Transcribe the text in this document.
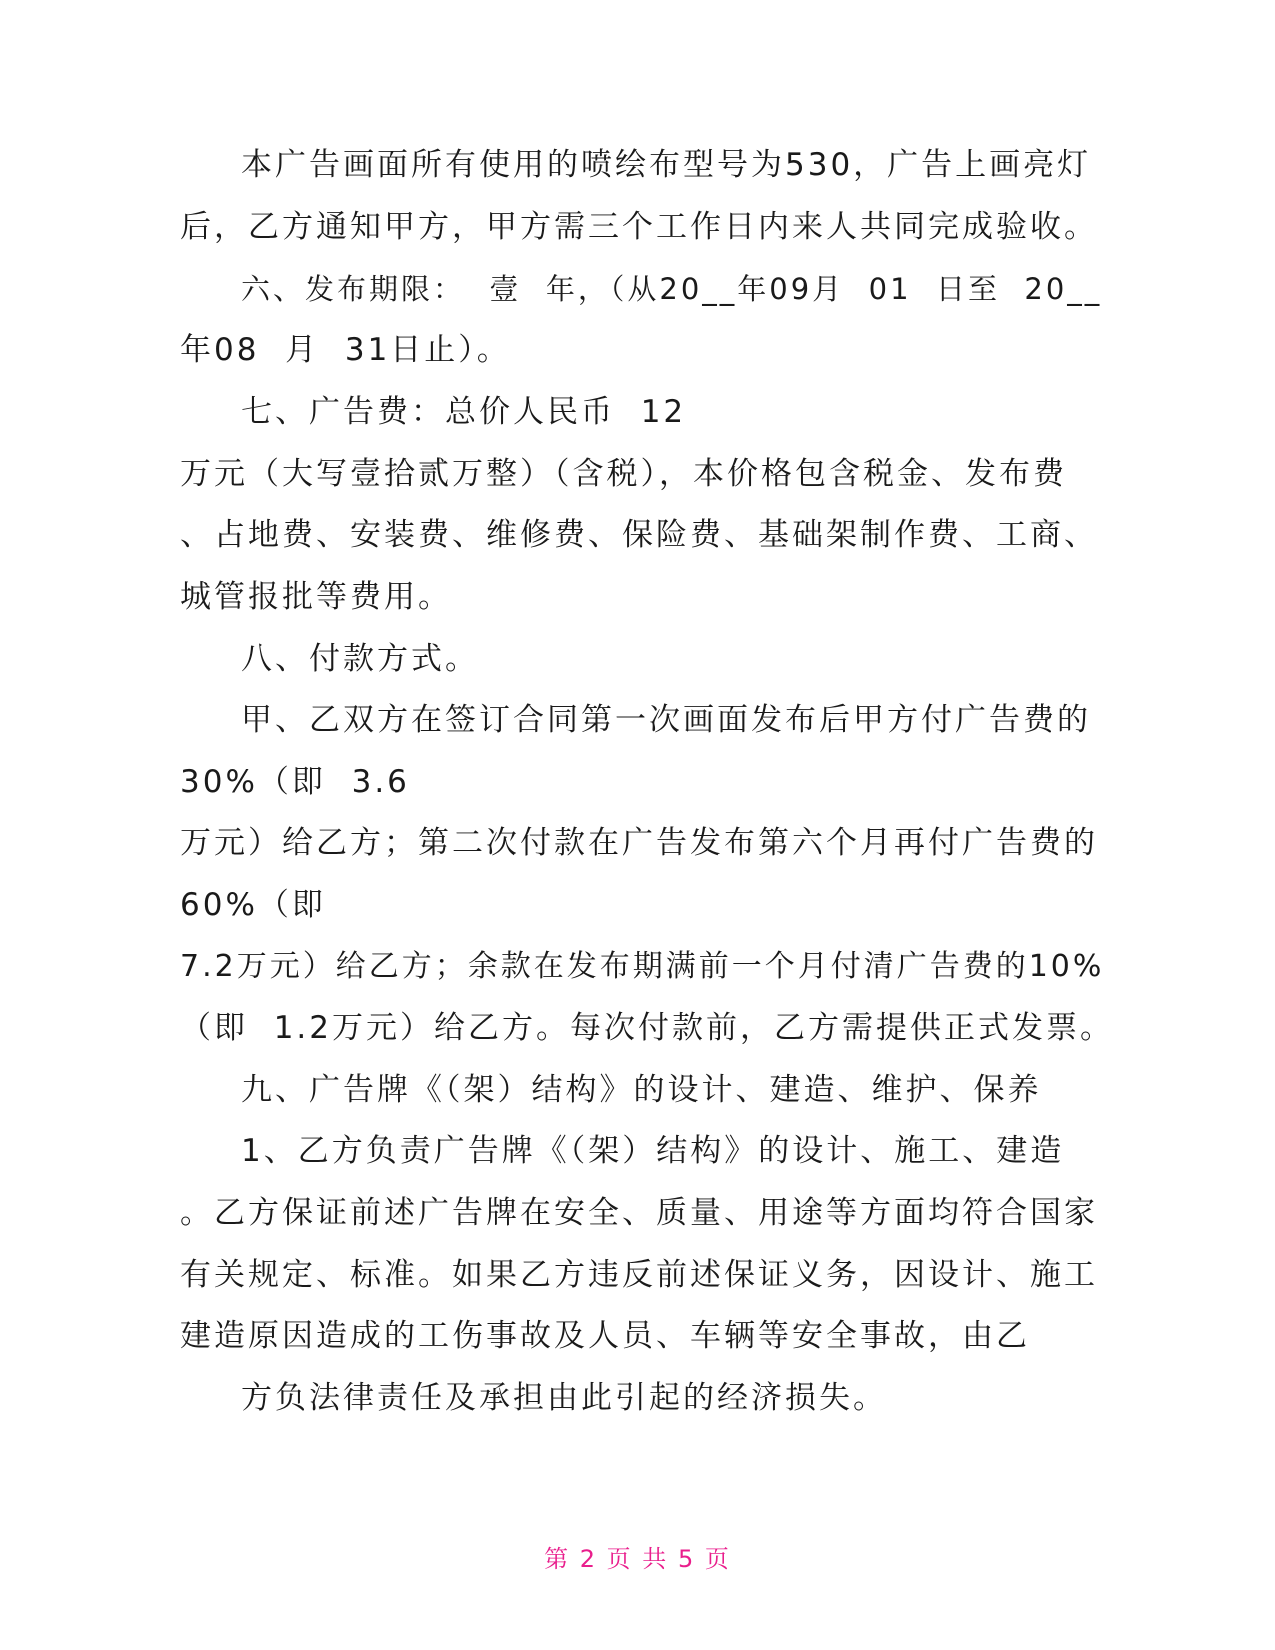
本广告画面所有使用的喷绘布型号为530，广告上画亮灯
后，乙方通知甲方，甲方需三个工作日内来人共同完成验收。
六、发布期限：  壹  年，（从20__年09月  01  日至  20__
年08  月  31日止）。
七、广告费：总价人民币  12
万元（大写壹拾贰万整）（含税），本价格包含税金、发布费
、占地费、安装费、维修费、保险费、基础架制作费、工商、
城管报批等费用。
八、付款方式。
甲、乙双方在签订合同第一次画面发布后甲方付广告费的
30%（即  3.6
万元）给乙方；第二次付款在广告发布第六个月再付广告费的
60%（即
7.2万元）给乙方；余款在发布期满前一个月付清广告费的10%
（即  1.2万元）给乙方。每次付款前，乙方需提供正式发票。
九、广告牌《（架）结构》的设计、建造、维护、保养
1、乙方负责广告牌《（架）结构》的设计、施工、建造
。乙方保证前述广告牌在安全、质量、用途等方面均符合国家
有关规定、标准。如果乙方违反前述保证义务，因设计、施工
建造原因造成的工伤事故及人员、车辆等安全事故，由乙
方负法律责任及承担由此引起的经济损失。
第 2 页 共 5 页
